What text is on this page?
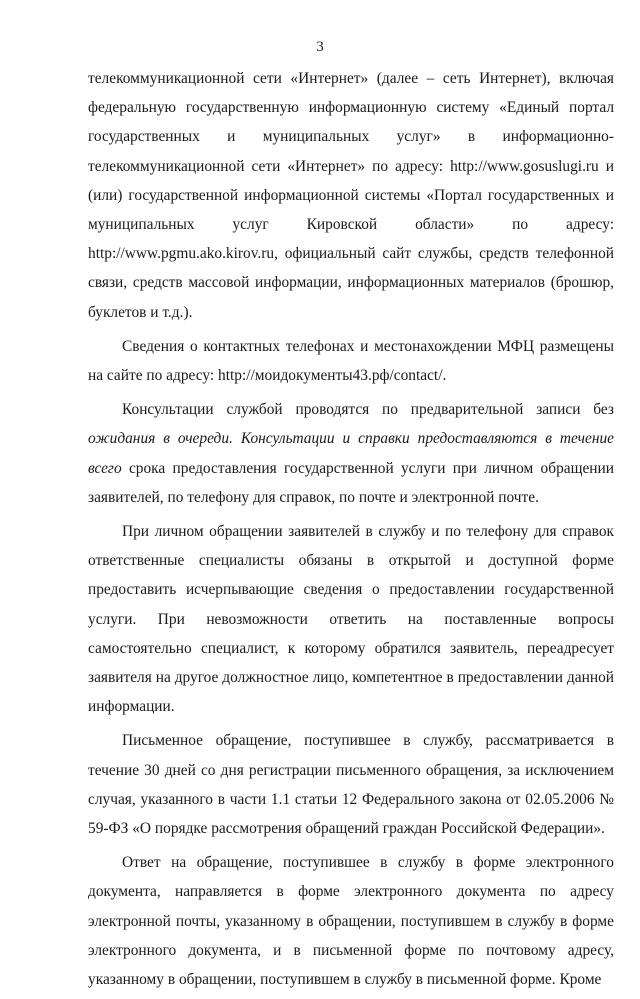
3

телекоммуникационной сети «Интернет» (далее – сеть Интернет), включая федеральную государственную информационную систему «Единый портал государственных и муниципальных услуг» в информационно-телекоммуникационной сети «Интернет» по адресу: http://www.gosuslugi.ru и (или) государственной информационной системы «Портал государственных и муниципальных услуг Кировской области» по адресу: http://www.pgmu.ako.kirov.ru, официальный сайт службы, средств телефонной связи, средств массовой информации, информационных материалов (брошюр, буклетов и т.д.).

Сведения о контактных телефонах и местонахождении МФЦ размещены на сайте по адресу: http://моидокументы43.рф/contact/.

Консультации службой проводятся по предварительной записи без ожидания в очереди. Консультации и справки предоставляются в течение всего срока предоставления государственной услуги при личном обращении заявителей, по телефону для справок, по почте и электронной почте.

При личном обращении заявителей в службу и по телефону для справок ответственные специалисты обязаны в открытой и доступной форме предоставить исчерпывающие сведения о предоставлении государственной услуги. При невозможности ответить на поставленные вопросы самостоятельно специалист, к которому обратился заявитель, переадресует заявителя на другое должностное лицо, компетентное в предоставлении данной информации.

Письменное обращение, поступившее в службу, рассматривается в течение 30 дней со дня регистрации письменного обращения, за исключением случая, указанного в части 1.1 статьи 12 Федерального закона от 02.05.2006 № 59-ФЗ «О порядке рассмотрения обращений граждан Российской Федерации».

Ответ на обращение, поступившее в службу в форме электронного документа, направляется в форме электронного документа по адресу электронной почты, указанному в обращении, поступившем в службу в форме электронного документа, и в письменной форме по почтовому адресу, указанному в обращении, поступившем в службу в письменной форме. Кроме
